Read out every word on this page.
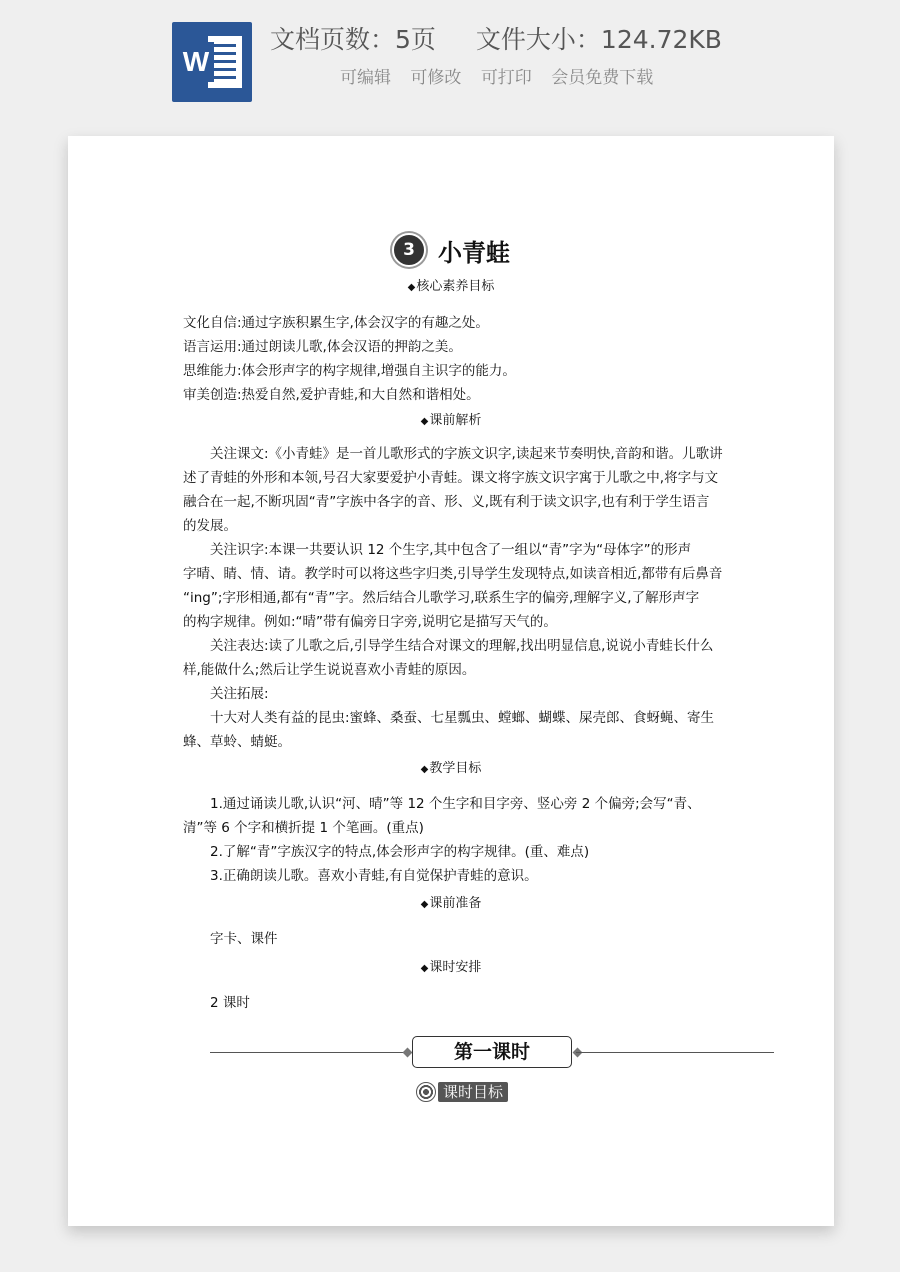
W
文档页数：5页 文件大小：124.72KB
可编辑 可修改 可打印 会员免费下载
3 小青蛙
◆核心素养目标
文化自信:通过字族积累生字,体会汉字的有趣之处。
语言运用:通过朗读儿歌,体会汉语的押韵之美。
思维能力:体会形声字的构字规律,增强自主识字的能力。
审美创造:热爱自然,爱护青蛙,和大自然和谐相处。
◆课前解析
关注课文:《小青蛙》是一首儿歌形式的字族文识字,读起来节奏明快,音韵和谐。儿歌讲
述了青蛙的外形和本领,号召大家要爱护小青蛙。课文将字族文识字寓于儿歌之中,将字与文
融合在一起,不断巩固“青”字族中各字的音、形、义,既有利于读文识字,也有利于学生语言
的发展。
关注识字:本课一共要认识 12 个生字,其中包含了一组以“青”字为“母体字”的形声
字晴、睛、情、请。教学时可以将这些字归类,引导学生发现特点,如读音相近,都带有后鼻音
“ing”;字形相通,都有“青”字。然后结合儿歌学习,联系生字的偏旁,理解字义,了解形声字
的构字规律。例如:“晴”带有偏旁日字旁,说明它是描写天气的。
关注表达:读了儿歌之后,引导学生结合对课文的理解,找出明显信息,说说小青蛙长什么
样,能做什么;然后让学生说说喜欢小青蛙的原因。
关注拓展:
十大对人类有益的昆虫:蜜蜂、桑蚕、七星瓢虫、螳螂、蝴蝶、屎壳郎、食蚜蝇、寄生
蜂、草蛉、蜻蜓。
◆教学目标
1.通过诵读儿歌,认识“河、晴”等 12 个生字和目字旁、竖心旁 2 个偏旁;会写“青、
清”等 6 个字和横折提 1 个笔画。(重点)
2.了解“青”字族汉字的特点,体会形声字的构字规律。(重、难点)
3.正确朗读儿歌。喜欢小青蛙,有自觉保护青蛙的意识。
◆课前准备
字卡、课件
◆课时安排
2 课时
第一课时
课时目标
